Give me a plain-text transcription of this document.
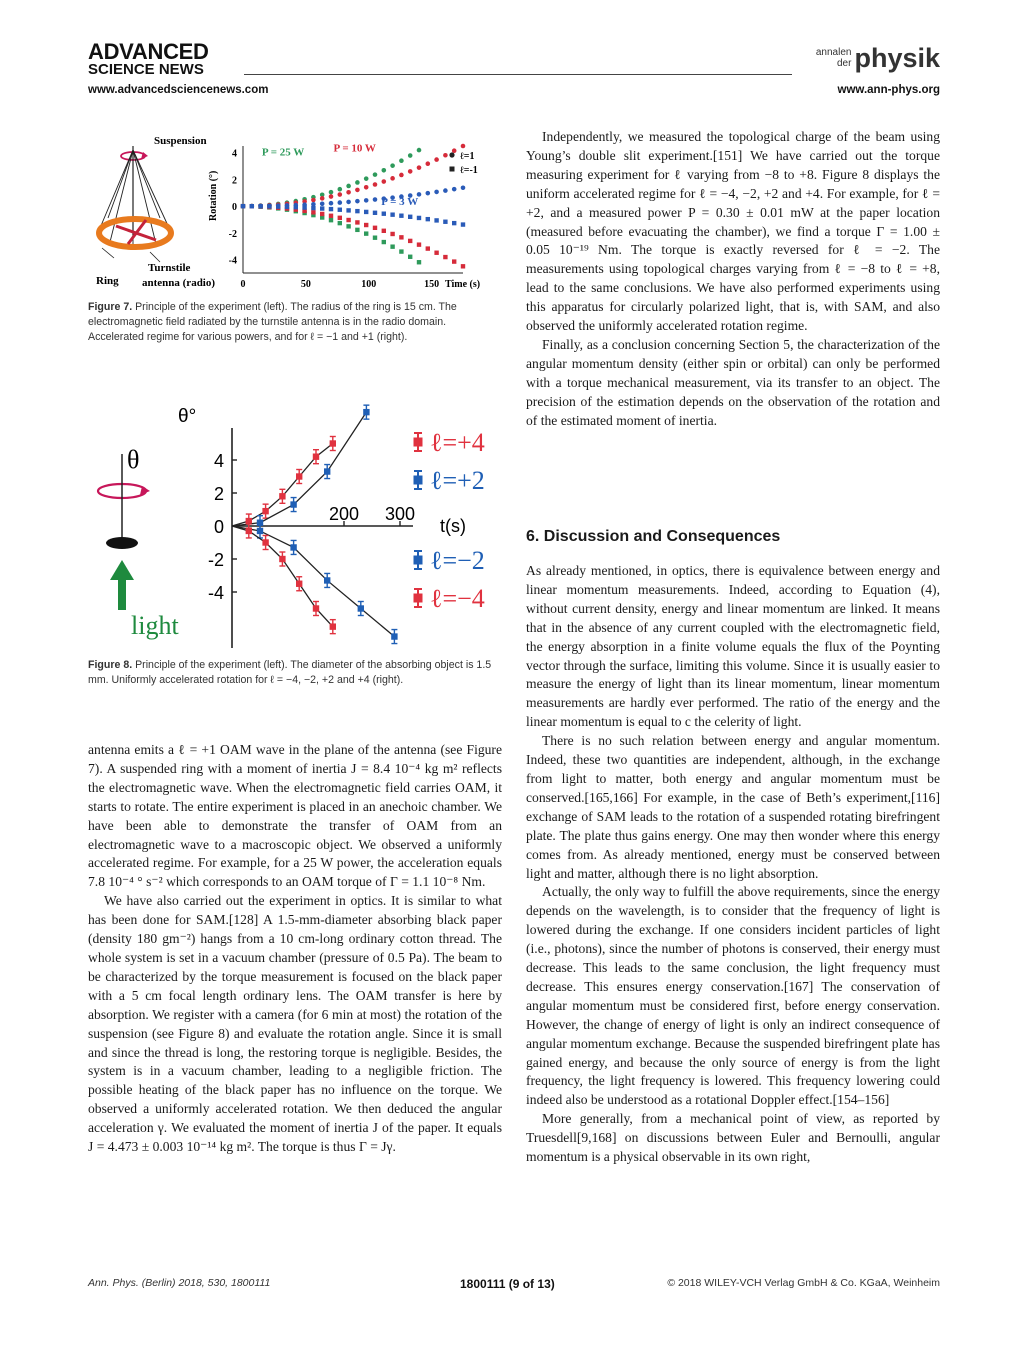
ADVANCED
SCIENCE NEWS
www.advancedsciencenews.com
annalen
der physik
www.ann-phys.org
Suspension
Ring
Turnstile
antenna (radio)
4
2
0
-2
-4
0	50	100	150 Time (s)
Rotation (°)
P = 25 W	P = 10 W
P = 3 W
ℓ=1
ℓ=-1
Figure 7. Principle of the experiment (left). The radius of the ring is 15 cm. The electromagnetic field radiated by the turnstile antenna is in the radio domain. Accelerated regime for various powers, and for ℓ = −1 and +1 (right).
θ
light
θ°
4
2
0
-2
-4
200 300
t(s)
ℓ=+4
ℓ=+2
ℓ=−2
ℓ=−4
Figure 8. Principle of the experiment (left). The diameter of the absorbing object is 1.5 mm. Uniformly accelerated rotation for ℓ = −4, −2, +2 and +4 (right).

antenna emits a ℓ = +1 OAM wave in the plane of the antenna (see Figure 7). A suspended ring with a moment of inertia J = 8.4 10⁻⁴ kg m² reflects the electromagnetic wave. When the electromagnetic field carries OAM, it starts to rotate. The entire experiment is placed in an anechoic chamber. We have been able to demonstrate the transfer of OAM from an electromagnetic wave to a macroscopic object. We observed a uniformly accelerated regime. For example, for a 25 W power, the acceleration equals 7.8 10⁻⁴ ° s⁻² which corresponds to an OAM torque of Γ = 1.1 10⁻⁸ Nm.

We have also carried out the experiment in optics. It is similar to what has been done for SAM.[128] A 1.5-mm-diameter absorbing black paper (density 180 gm⁻²) hangs from a 10 cm-long ordinary cotton thread. The whole system is set in a vacuum chamber (pressure of 0.5 Pa). The beam to be characterized by the torque measurement is focused on the black paper with a 5 cm focal length ordinary lens. The OAM transfer is here by absorption. We register with a camera (for 6 min at most) the rotation of the suspension (see Figure 8) and evaluate the rotation angle. Since it is small and since the thread is long, the restoring torque is negligible. Besides, the system is in a vacuum chamber, leading to a negligible friction. The possible heating of the black paper has no influence on the torque. We observed a uniformly accelerated rotation. We then deduced the angular acceleration γ. We evaluated the moment of inertia J of the paper. It equals J = 4.473 ± 0.003 10⁻¹⁴ kg m². The torque is thus Γ = Jγ.

Independently, we measured the topological charge of the beam using Young’s double slit experiment.[151] We have carried out the torque measuring experiment for ℓ varying from −8 to +8. Figure 8 displays the uniform accelerated regime for ℓ = −4, −2, +2 and +4. For example, for ℓ = +2, and a measured power P = 0.30 ± 0.01 mW at the paper location (measured before evacuating the chamber), we find a torque Γ = 1.00 ± 0.05 10⁻¹⁹ Nm. The torque is exactly reversed for ℓ = −2. The measurements using topological charges varying from ℓ = −8 to ℓ = +8, lead to the same conclusions. We have also performed experiments using this apparatus for circularly polarized light, that is, with SAM, and also observed the uniformly accelerated rotation regime.

Finally, as a conclusion concerning Section 5, the characterization of the angular momentum density (either spin or orbital) can only be performed with a torque mechanical measurement, via its transfer to an object. The precision of the estimation depends on the observation of the rotation and of the estimated moment of inertia.

6. Discussion and Consequences

As already mentioned, in optics, there is equivalence between energy and linear momentum measurements. Indeed, according to Equation (4), without current density, energy and linear momentum are linked. It means that in the absence of any current coupled with the electromagnetic field, the energy absorption in a finite volume equals the flux of the Poynting vector through the surface, limiting this volume. Since it is usually easier to measure the energy of light than its linear momentum, linear momentum measurements are hardly ever performed. The ratio of the energy and the linear momentum is equal to c the celerity of light.

There is no such relation between energy and angular momentum. Indeed, these two quantities are independent, although, in the exchange from light to matter, both energy and angular momentum must be conserved.[165,166] For example, in the case of Beth’s experiment,[116] exchange of SAM leads to the rotation of a suspended rotating birefringent plate. The plate thus gains energy. One may then wonder where this energy comes from. As already mentioned, energy must be conserved between light and matter, although there is no light absorption.

Actually, the only way to fulfill the above requirements, since the energy depends on the wavelength, is to consider that the frequency of light is lowered during the exchange. If one considers incident particles of light (i.e., photons), since the number of photons is conserved, their energy must decrease. This leads to the same conclusion, the light frequency must decrease. This ensures energy conservation.[167] The conservation of angular momentum must be considered first, before energy conservation. However, the change of energy of light is only an indirect consequence of angular momentum exchange. Because the suspended birefringent plate has gained energy, and because the only source of energy is from the light frequency, the light frequency is lowered. This frequency lowering could indeed also be understood as a rotational Doppler effect.[154–156]

More generally, from a mechanical point of view, as reported by Truesdell[9,168] on discussions between Euler and Bernoulli, angular momentum is a physical observable in its own right,

Ann. Phys. (Berlin) 2018, 530, 1800111	1800111 (9 of 13)	© 2018 WILEY-VCH Verlag GmbH & Co. KGaA, Weinheim
